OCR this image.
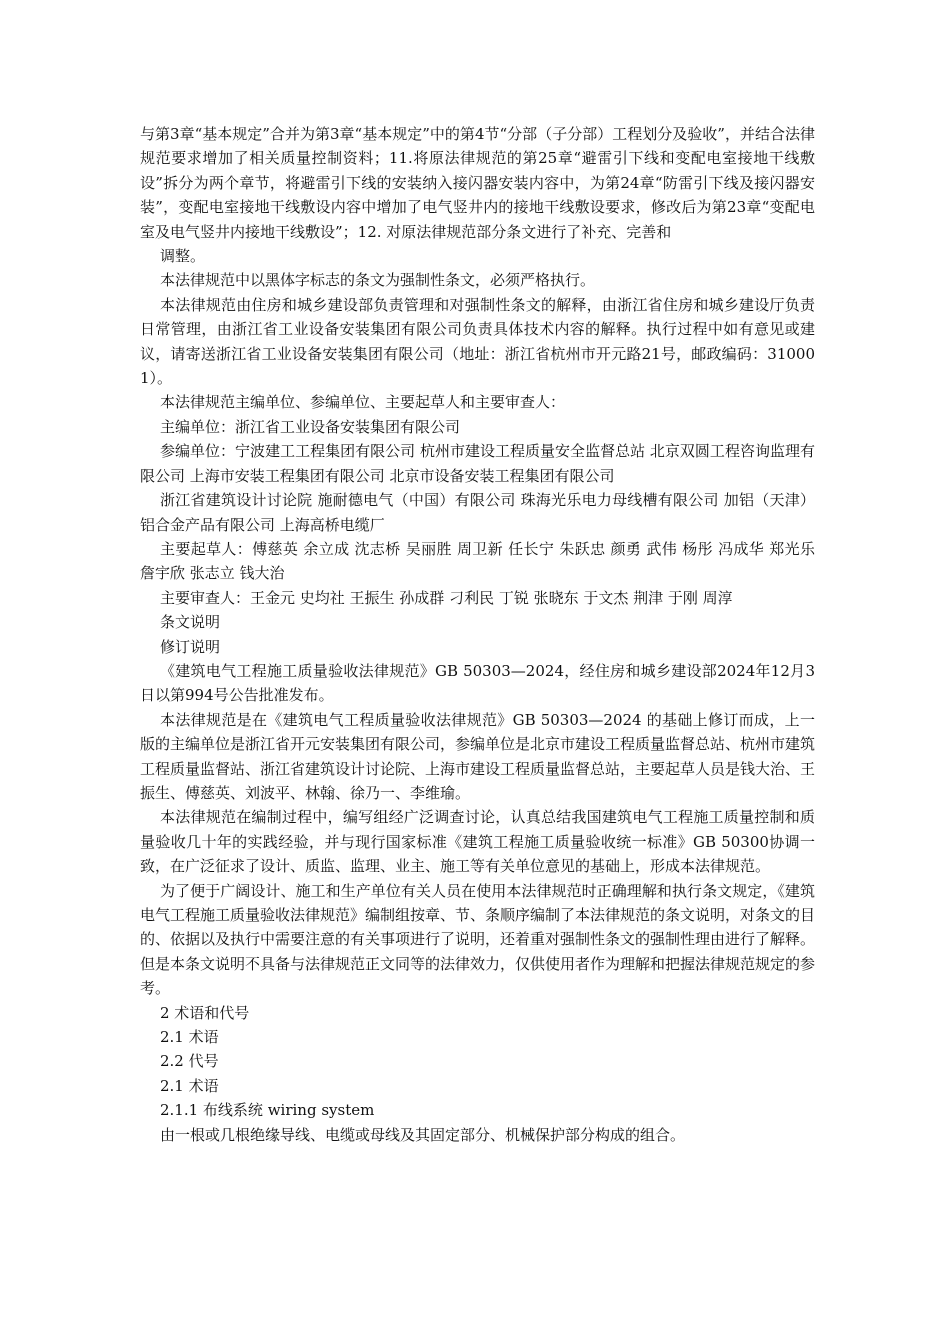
与第3章“基本规定”合并为第3章“基本规定”中的第4节“分部（子分部）工程划分及验收”，并结合法律规范要求增加了相关质量控制资料；11.将原法律规范的第25章“避雷引下线和变配电室接地干线敷设”拆分为两个章节，将避雷引下线的安装纳入接闪器安装内容中，为第24章“防雷引下线及接闪器安装”，变配电室接地干线敷设内容中增加了电气竖井内的接地干线敷设要求，修改后为第23章“变配电室及电气竖井内接地干线敷设”；12. 对原法律规范部分条文进行了补充、完善和

调整。

本法律规范中以黑体字标志的条文为强制性条文，必须严格执行。

本法律规范由住房和城乡建设部负责管理和对强制性条文的解释，由浙江省住房和城乡建设厅负责日常管理，由浙江省工业设备安装集团有限公司负责具体技术内容的解释。执行过程中如有意见或建议，请寄送浙江省工业设备安装集团有限公司（地址：浙江省杭州市开元路21号，邮政编码：310001）。

本法律规范主编单位、参编单位、主要起草人和主要审查人：

主编单位：浙江省工业设备安装集团有限公司

参编单位：宁波建工工程集团有限公司 杭州市建设工程质量安全监督总站 北京双圆工程咨询监理有限公司 上海市安装工程集团有限公司 北京市设备安装工程集团有限公司

浙江省建筑设计讨论院 施耐德电气（中国）有限公司 珠海光乐电力母线槽有限公司 加铝（天津）铝合金产品有限公司 上海高桥电缆厂

主要起草人：傅慈英 余立成 沈志桥 吴丽胜 周卫新 任长宁 朱跃忠 颜勇 武伟 杨彤 冯成华 郑光乐 詹宇欣 张志立 钱大治

主要审查人：王金元 史均社 王振生 孙成群 刁利民 丁锐 张晓东 于文杰 荆津 于刚 周淳

条文说明

修订说明

《建筑电气工程施工质量验收法律规范》GB 50303—2024，经住房和城乡建设部2024年12月3 日以第994号公告批准发布。

本法律规范是在《建筑电气工程质量验收法律规范》GB 50303—2024 的基础上修订而成，上一版的主编单位是浙江省开元安装集团有限公司，参编单位是北京市建设工程质量监督总站、杭州市建筑工程质量监督站、浙江省建筑设计讨论院、上海市建设工程质量监督总站，主要起草人员是钱大治、王振生、傅慈英、刘波平、林翰、徐乃一、李维瑜。

本法律规范在编制过程中，编写组经广泛调查讨论，认真总结我国建筑电气工程施工质量控制和质量验收几十年的实践经验，并与现行国家标准《建筑工程施工质量验收统一标准》GB 50300协调一致，在广泛征求了设计、质监、监理、业主、施工等有关单位意见的基础上，形成本法律规范。

为了便于广阔设计、施工和生产单位有关人员在使用本法律规范时正确理解和执行条文规定，《建筑电气工程施工质量验收法律规范》编制组按章、节、条顺序编制了本法律规范的条文说明，对条文的目的、依据以及执行中需要注意的有关事项进行了说明，还着重对强制性条文的强制性理由进行了解释。但是本条文说明不具备与法律规范正文同等的法律效力，仅供使用者作为理解和把握法律规范规定的参考。

2 术语和代号

2.1 术语

2.2 代号

2.1 术语

2.1.1 布线系统 wiring system

由一根或几根绝缘导线、电缆或母线及其固定部分、机械保护部分构成的组合。
